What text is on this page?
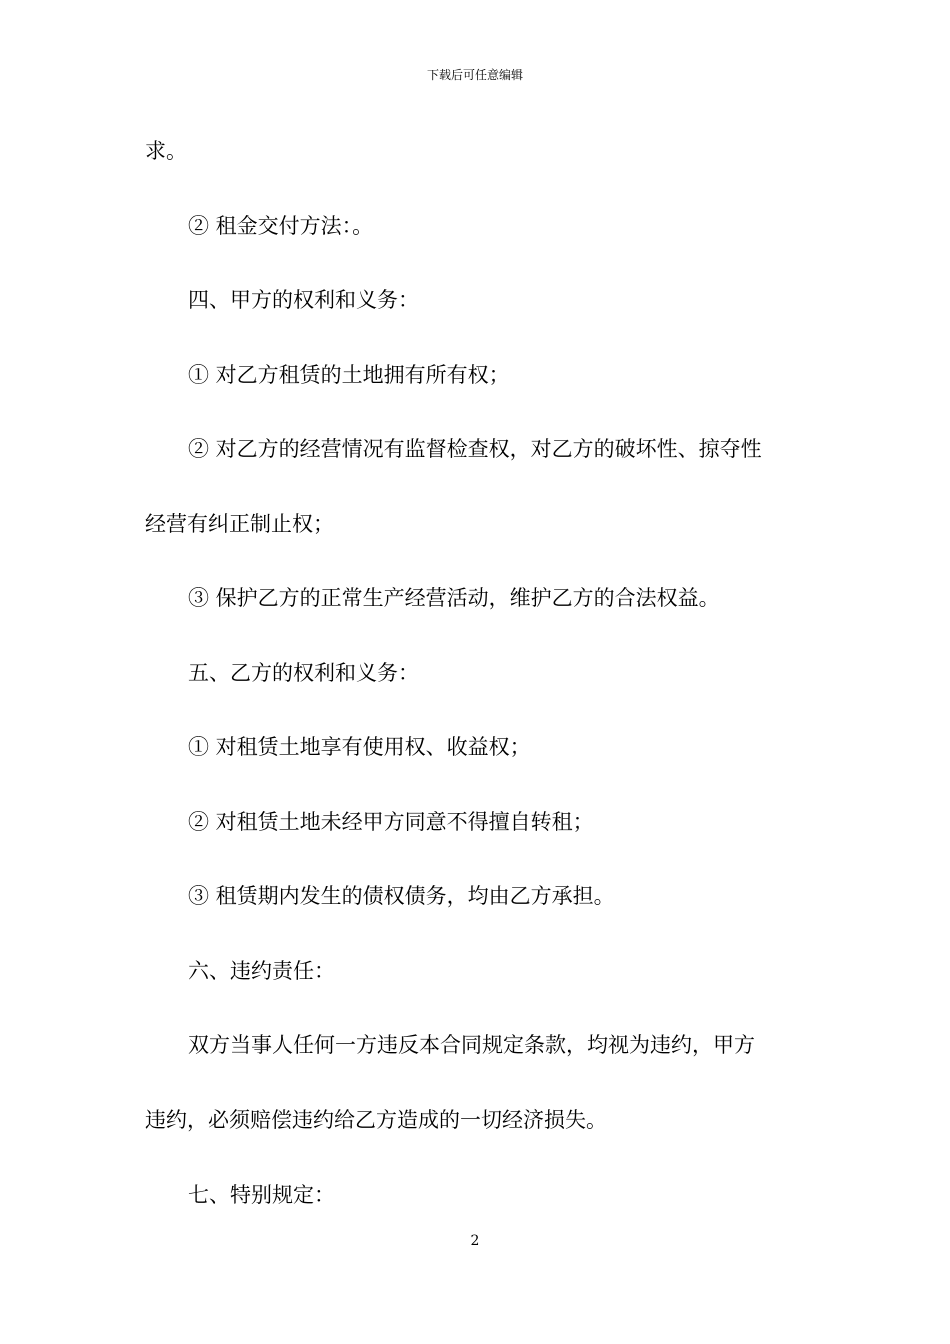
下载后可任意编辑
求。
② 租金交付方法：。
四、甲方的权利和义务：
① 对乙方租赁的土地拥有所有权；
② 对乙方的经营情况有监督检查权，对乙方的破坏性、掠夺性
经营有纠正制止权；
③ 保护乙方的正常生产经营活动，维护乙方的合法权益。
五、乙方的权利和义务：
① 对租赁土地享有使用权、收益权；
② 对租赁土地未经甲方同意不得擅自转租；
③ 租赁期内发生的债权债务，均由乙方承担。
六、违约责任：
双方当事人任何一方违反本合同规定条款，均视为违约，甲方
违约，必须赔偿违约给乙方造成的一切经济损失。
七、特别规定：
2
